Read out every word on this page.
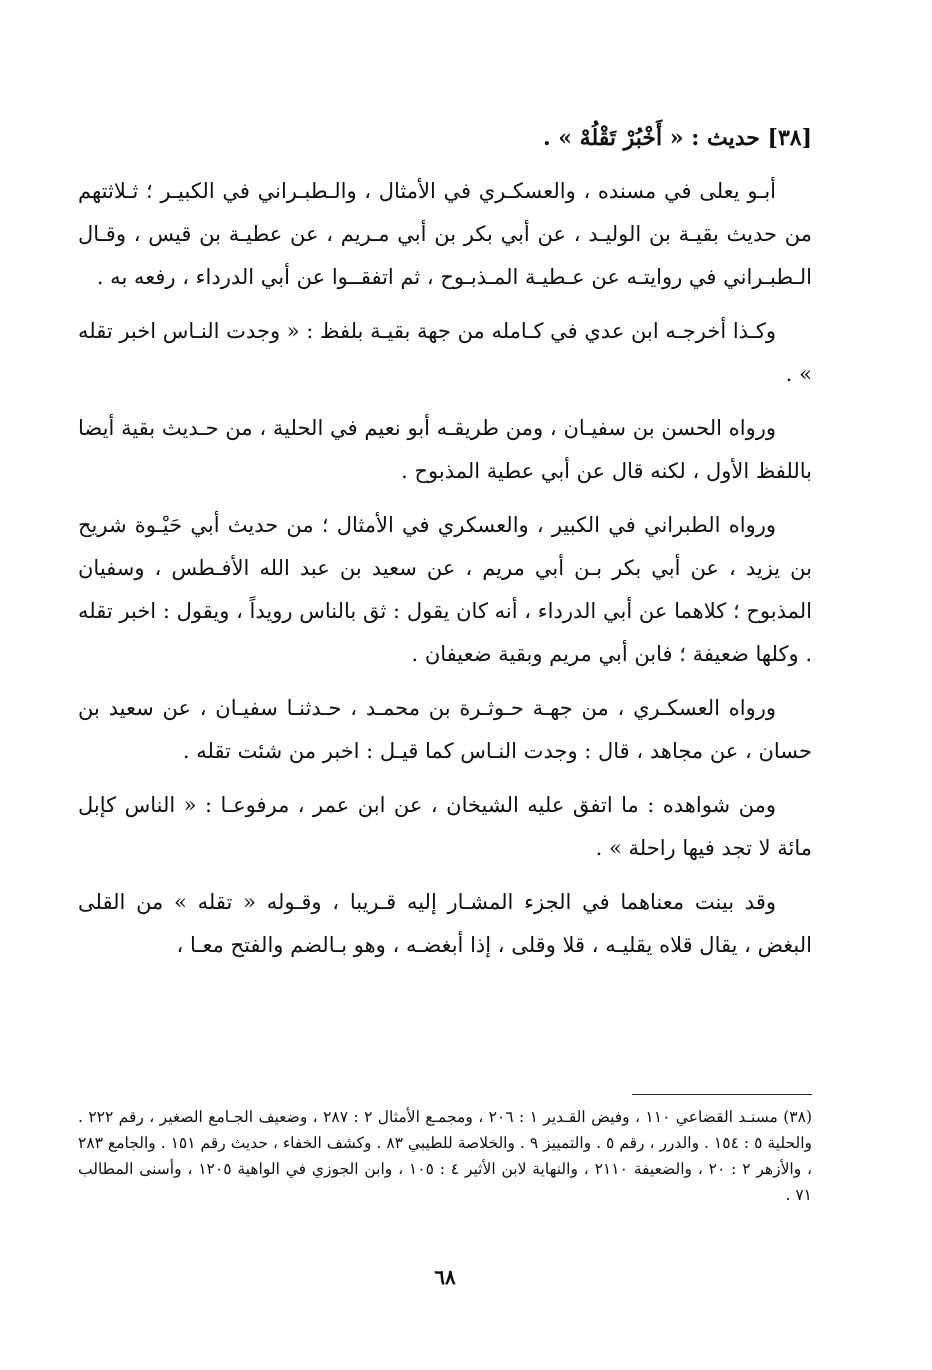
[٣٨] حديث : « أَخْبُرْ تَقْلُهْ » .

أبـو يعلى في مسنده ، والعسكـري في الأمثال ، والـطبـراني في الكبيـر ؛ ثـلاثتهم من حديث بقيـة بن الوليـد ، عن أبي بكر بن أبي مـريم ، عن عطيـة بن قيس ، وقـال الـطبـراني في روايتـه عن عـطيـة المـذبـوح ، ثم اتفقــوا عن أبي الدرداء ، رفعه به .

وكـذا أخرجـه ابن عدي في كـامله من جهة بقيـة بلفظ : « وجدت النـاس اخبر تقله » .

ورواه الحسن بن سفيـان ، ومن طريقـه أبو نعيم في الحلية ، من حـديث بقية أيضا باللفظ الأول ، لكنه قال عن أبي عطية المذبوح .

ورواه الطبراني في الكبير ، والعسكري في الأمثال ؛ من حديث أبي حَيْـوة شريح بن يزيد ، عن أبي بكر بـن أبي مريم ، عن سعيد بن عبد الله الأفـطس ، وسفيان المذبوح ؛ كلاهما عن أبي الدرداء ، أنه كان يقول : ثق بالناس رويداً ، ويقول : اخبر تقله . وكلها ضعيفة ؛ فابن أبي مريم وبقية ضعيفان .

ورواه العسكـري ، من جهـة حـوثـرة بن محمـد ، حـدثنـا سفيـان ، عن سعيد بن حسان ، عن مجاهد ، قال : وجدت النـاس كما قيـل : اخبر من شئت تقله .

ومن شواهده : ما اتفق عليه الشيخان ، عن ابن عمر ، مرفوعـا : « الناس كإبل مائة لا تجد فيها راحلة » .

وقد بينت معناهما في الجزء المشـار إليه قـريبا ، وقـوله « تقله » من القلى البغض ، يقال قلاه يقليـه ، قلا وقلى ، إذا أبغضـه ، وهو بـالضم والفتح معـا ،

(٣٨) مسنـد القضاعي ١١٠ ، وفيض القـدير ١ : ٢٠٦ ، ومجمـع الأمثال ٢ : ٢٨٧ ، وضعيف الجـامع الصغير ، رقم ٢٢٢ . والحلية ٥ : ١٥٤ . والدرر ، رقم ٥ . والتمييز ٩ . والخلاصة للطيبي ٨٣ . وكشف الخفاء ، حديث رقم ١٥١ . والجامع ٢٨٣ ، والأزهر ٢ : ٢٠ ، والضعيفة ٢١١٠ ، والنهاية لابن الأثير ٤ : ١٠٥ ، وابن الجوزي في الواهية ١٢٠٥ ، وأسنى المطالب ٧١ .
٦٨
